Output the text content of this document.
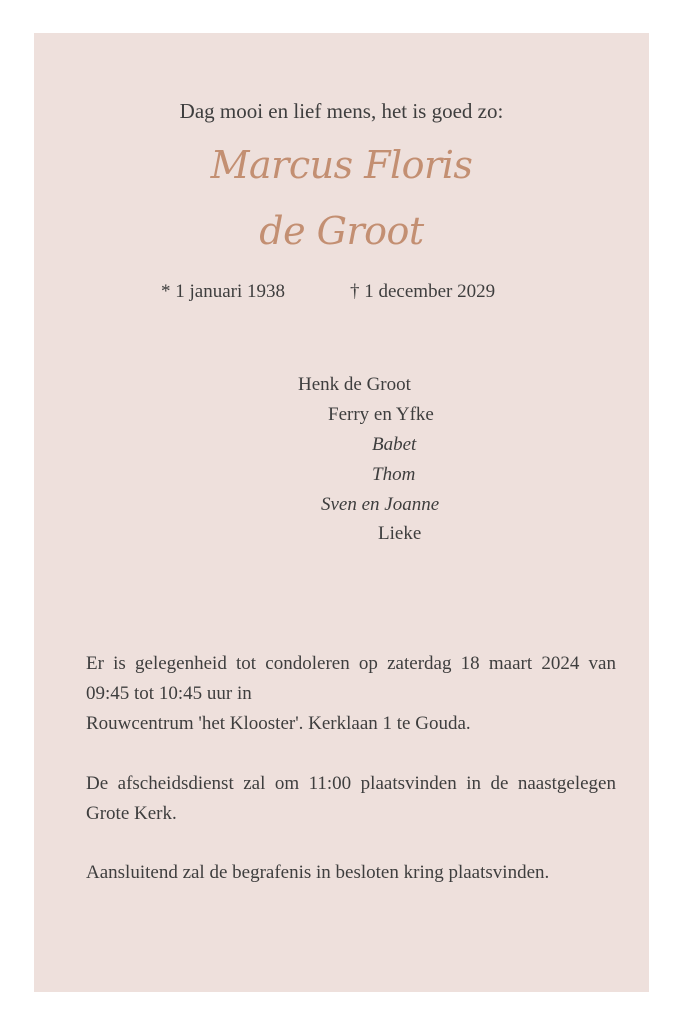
Dag mooi en lief mens, het is goed zo:
Marcus Floris
de Groot
* 1 januari 1938	† 1 december 2029
Henk de Groot
Ferry en Yfke
Babet
Thom
Sven en Joanne
Lieke
Er is gelegenheid tot condoleren op zaterdag 18 maart 2024 van 09:45 tot 10:45 uur in
Rouwcentrum 'het Klooster'. Kerklaan 1 te Gouda.
De afscheidsdienst zal om 11:00 plaatsvinden in de naastgelegen Grote Kerk.
Aansluitend zal de begrafenis in besloten kring plaatsvinden.
